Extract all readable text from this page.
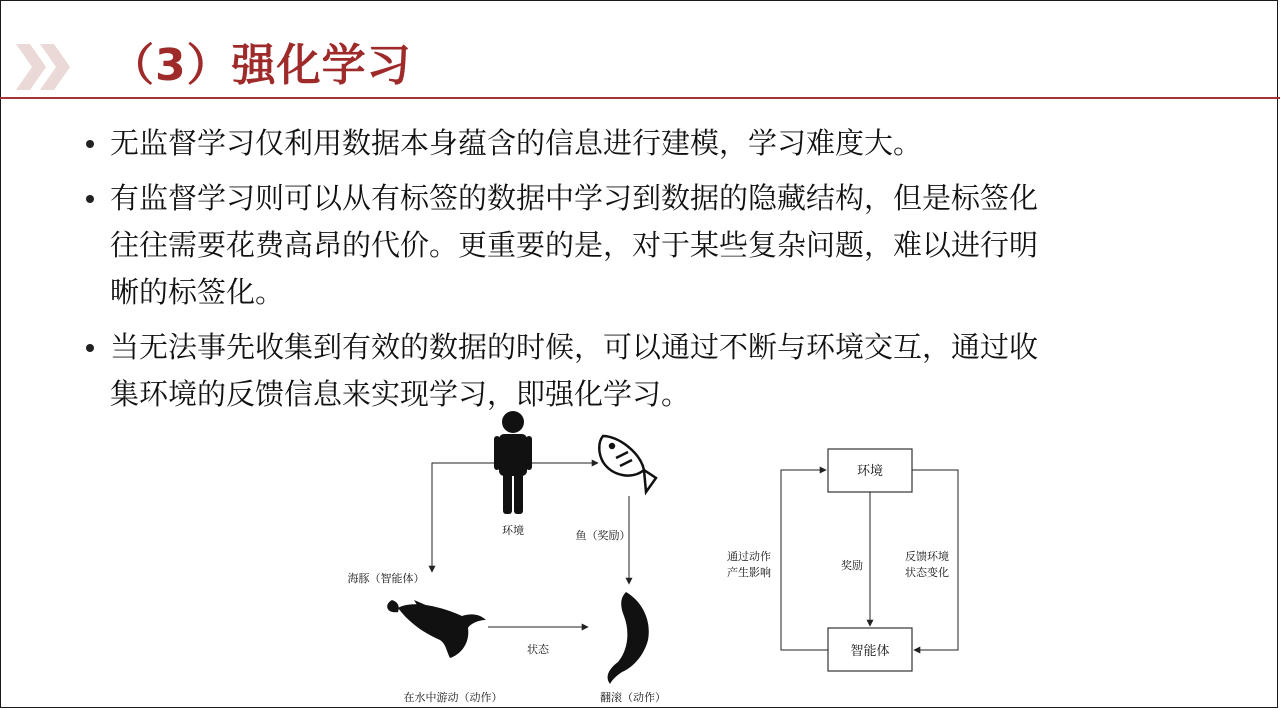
（3）强化学习
无监督学习仅利用数据本身蕴含的信息进行建模，学习难度大。
有监督学习则可以从有标签的数据中学习到数据的隐藏结构，但是标签化
往往需要花费高昂的代价。更重要的是，对于某些复杂问题，难以进行明
晰的标签化。
当无法事先收集到有效的数据的时候，可以通过不断与环境交互，通过收
集环境的反馈信息来实现学习，即强化学习。
环境	鱼（奖励）
海豚（智能体）
在水中游动（动作）	翻滚（动作）
状态
环境
智能体
奖励
通过动作
产生影响
反馈环境
状态变化
